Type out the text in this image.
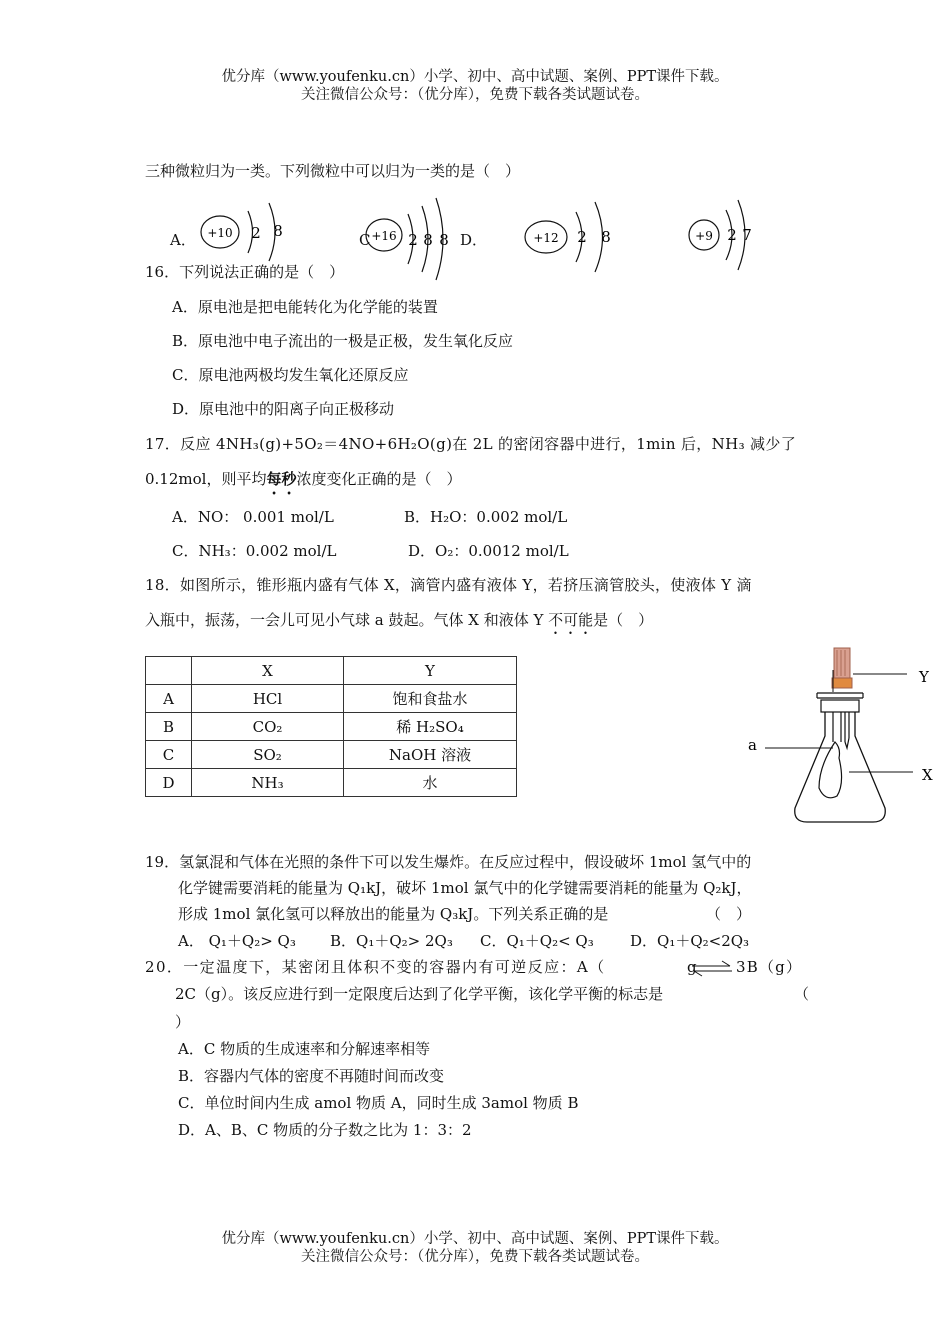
优分库（www.youfenku.cn）小学、初中、高中试题、案例、PPT课件下载。
关注微信公众号：（优分库），免费下载各类试题试卷。
三种微粒归为一类。下列微粒中可以归为一类的是（　）
A．	C	D．
+10 2 8	+16 2 8 8	+12 2 8	+9 2 7
16．下列说法正确的是（　）
A．原电池是把电能转化为化学能的装置
B．原电池中电子流出的一极是正极，发生氧化反应
C．原电池两极均发生氧化还原反应
D．原电池中的阳离子向正极移动
17．反应 4NH₃(g)+5O₂＝4NO+6H₂O(g)在 2L 的密闭容器中进行，1min 后，NH₃ 减少了
0.12mol，则平均每秒浓度变化正确的是（　）
A．NO： 0.001 mol/L	B．H₂O：0.002 mol/L
C．NH₃：0.002 mol/L	D．O₂：0.0012 mol/L
18．如图所示，锥形瓶内盛有气体 X，滴管内盛有液体 Y，若挤压滴管胶头，使液体 Y 滴
入瓶中，振荡，一会儿可见小气球 a 鼓起。气体 X 和液体 Y 不可能是（　）
	X	Y
A	HCl	饱和食盐水
B	CO₂	稀 H₂SO₄
C	SO₂	NaOH 溶液
D	NH₃	水
Y
a
X
19．氢氯混和气体在光照的条件下可以发生爆炸。在反应过程中，假设破坏 1mol 氢气中的
化学键需要消耗的能量为 Q₁kJ，破坏 1mol 氯气中的化学键需要消耗的能量为 Q₂kJ，
形成 1mol 氯化氢可以释放出的能量为 Q₃kJ。下列关系正确的是	（　）
A． Q₁＋Q₂> Q₃ B．Q₁＋Q₂> 2Q₃ C．Q₁＋Q₂< Q₃ D．Q₁＋Q₂<2Q₃
20．一定温度下，某密闭且体积不变的容器内有可逆反应：A（	g ⇌ 3B（g）
2C（g）。该反应进行到一定限度后达到了化学平衡，该化学平衡的标志是	（
）
A．C 物质的生成速率和分解速率相等
B．容器内气体的密度不再随时间而改变
C．单位时间内生成 amol 物质 A，同时生成 3amol 物质 B
D．A、B、C 物质的分子数之比为 1：3：2
优分库（www.youfenku.cn）小学、初中、高中试题、案例、PPT课件下载。
关注微信公众号：（优分库），免费下载各类试题试卷。
